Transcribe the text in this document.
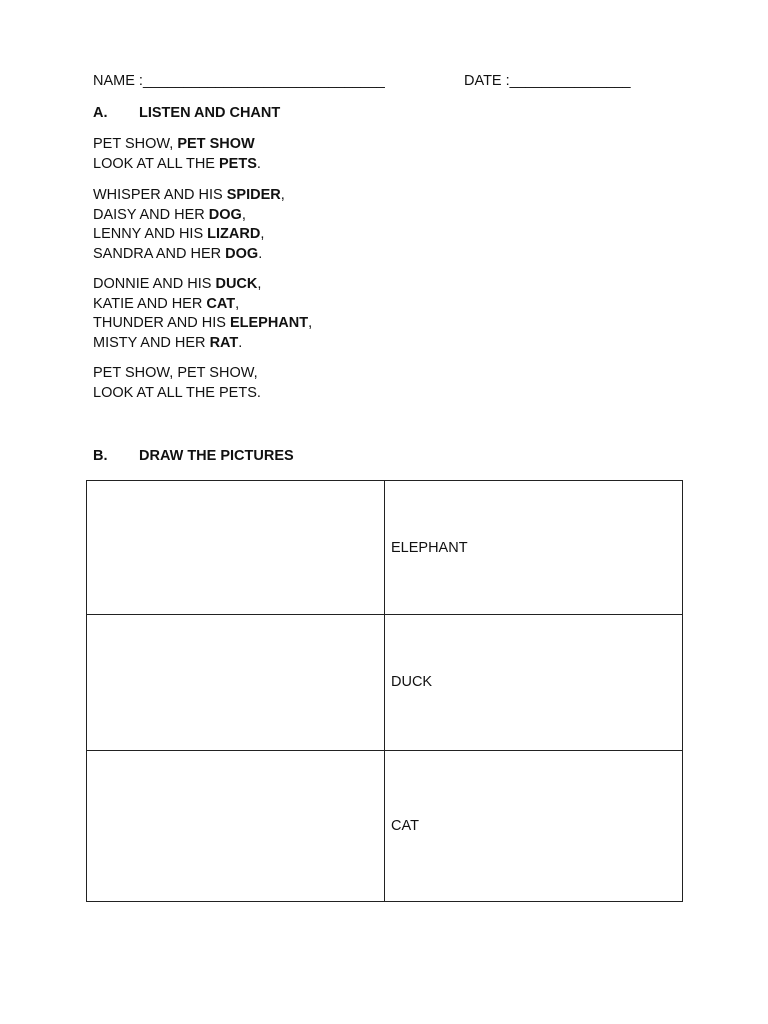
NAME :______________________________	DATE :_______________
A. LISTEN AND CHANT
PET SHOW, PET SHOW
LOOK AT ALL THE PETS.
WHISPER AND HIS SPIDER,
DAISY AND HER DOG,
LENNY AND HIS LIZARD,
SANDRA AND HER DOG.
DONNIE AND HIS DUCK,
KATIE AND HER CAT,
THUNDER AND HIS ELEPHANT,
MISTY AND HER RAT.
PET SHOW, PET SHOW,
LOOK AT ALL THE PETS.
B. DRAW THE PICTURES
	ELEPHANT
	DUCK
	CAT
